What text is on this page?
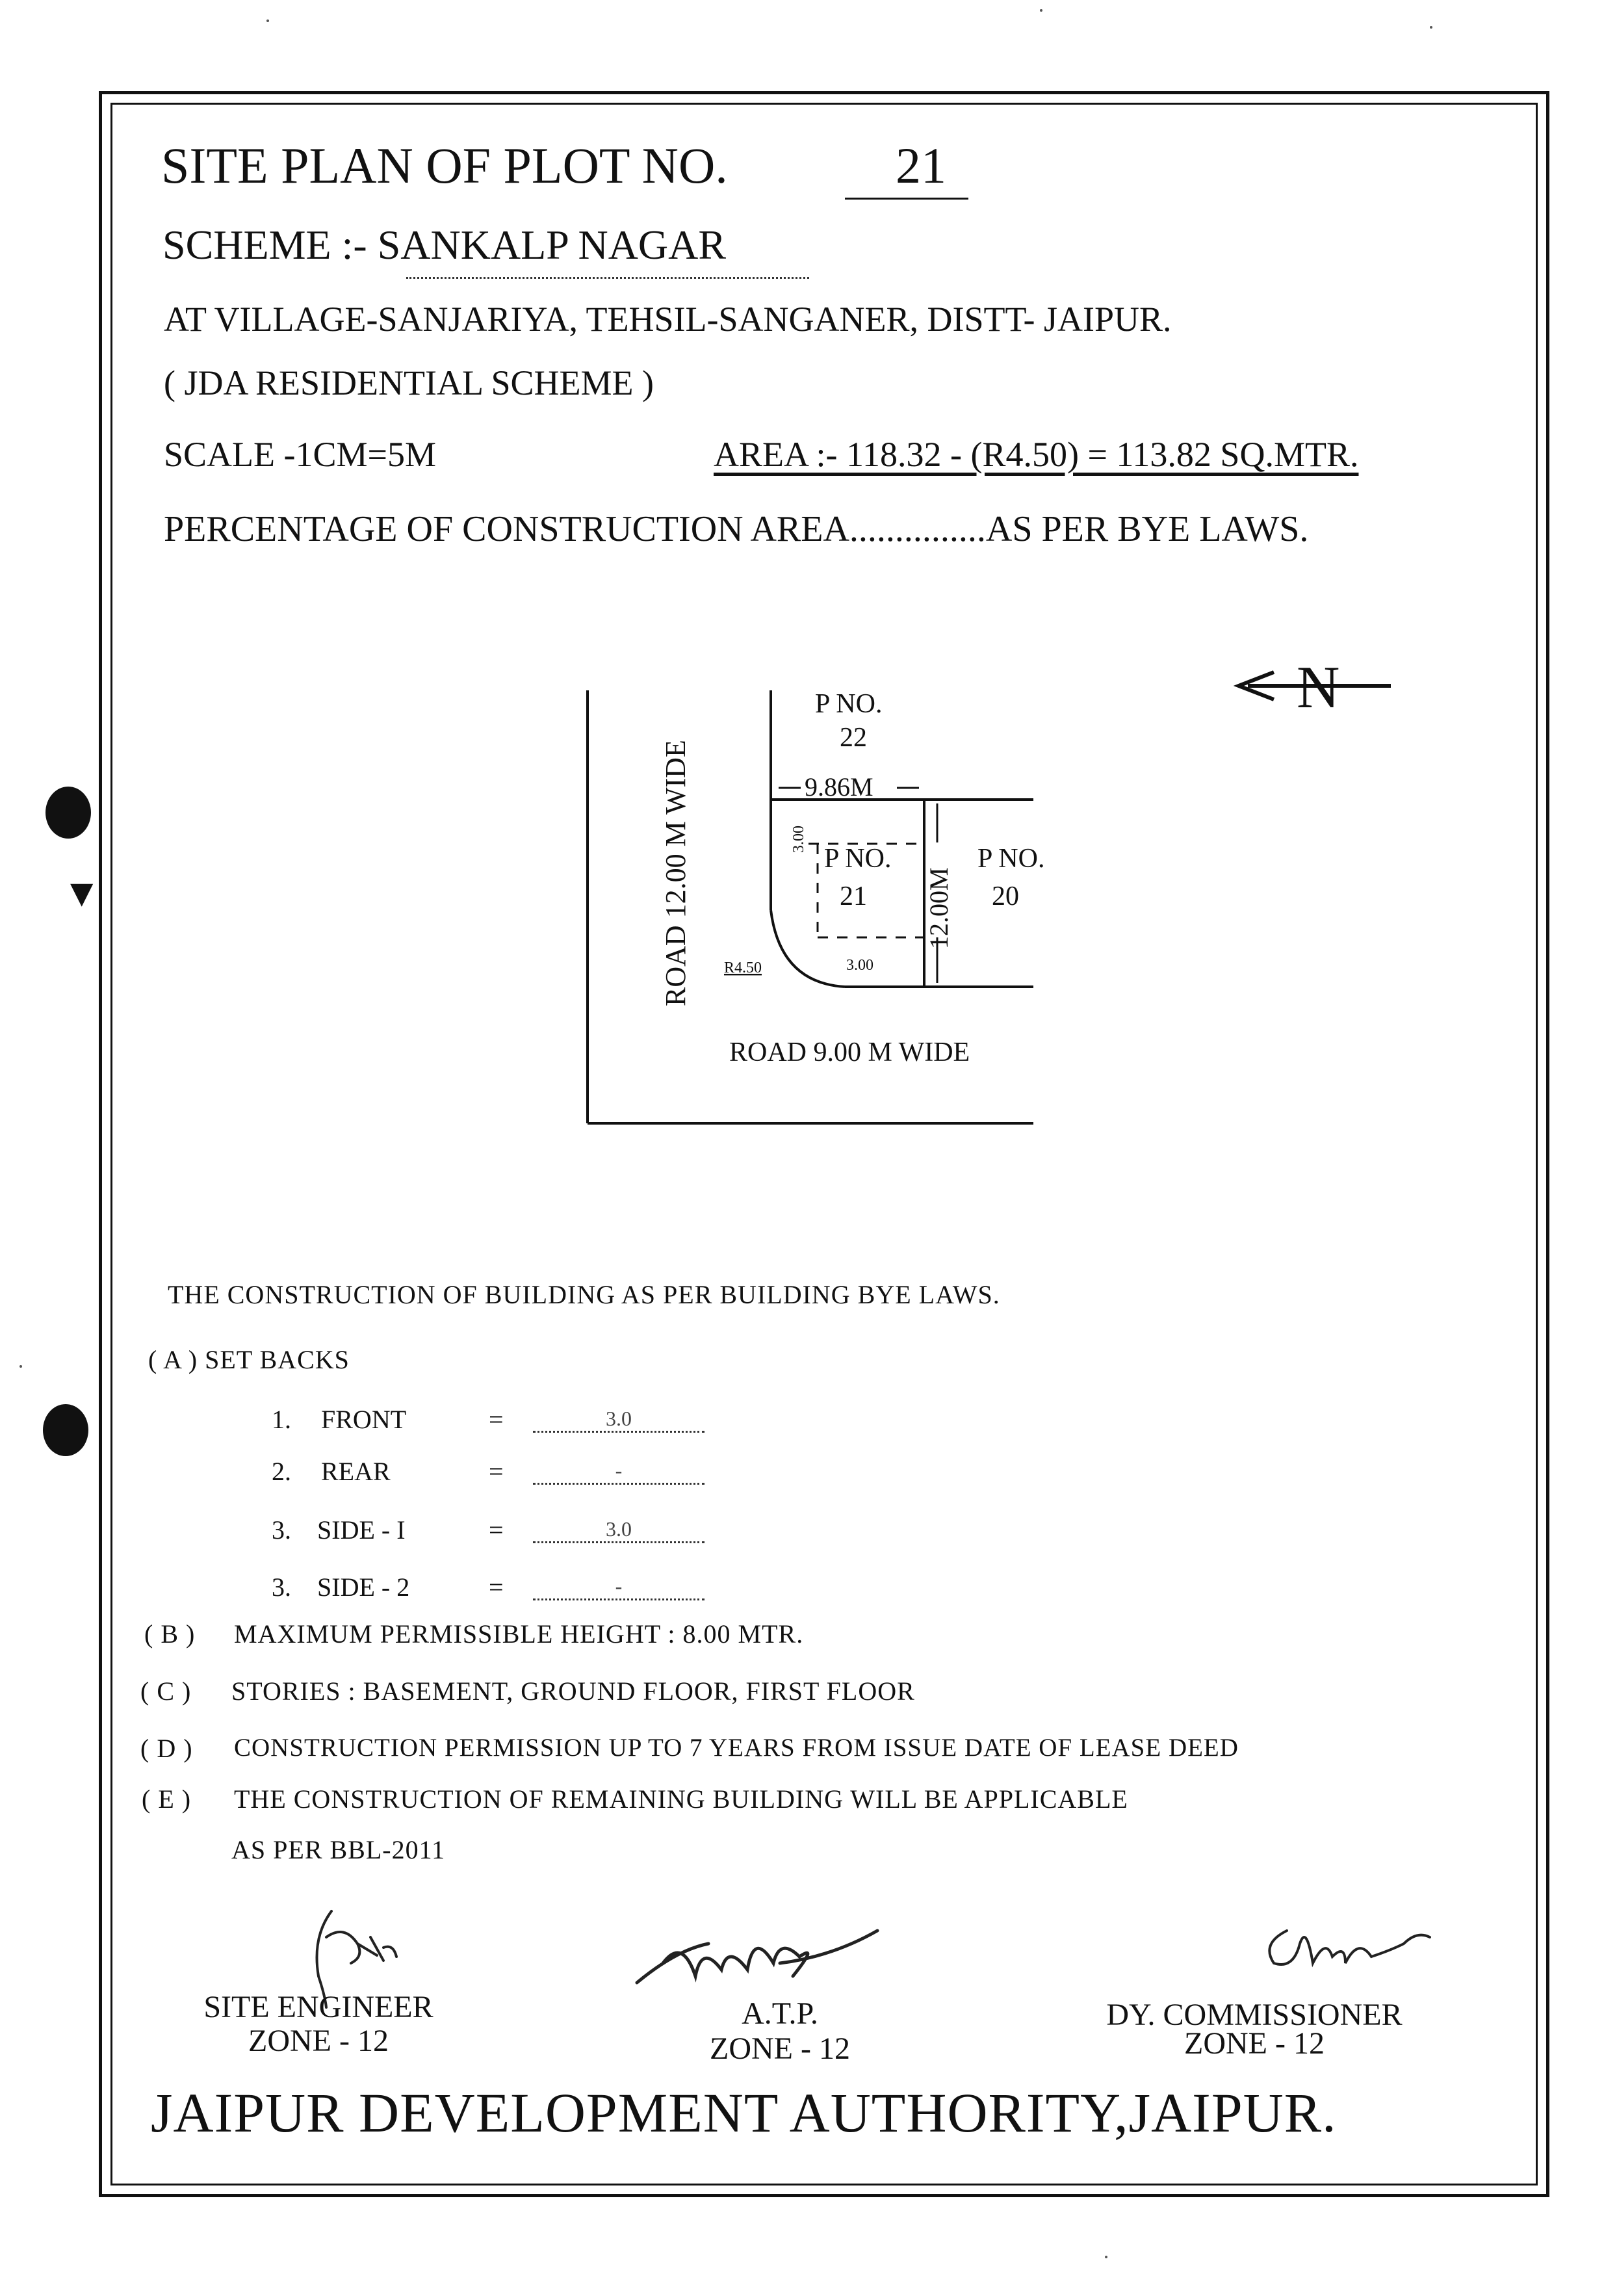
▼
SITE PLAN OF PLOT NO.	21
SCHEME :- SANKALP NAGAR
AT VILLAGE-SANJARIYA, TEHSIL-SANGANER, DISTT- JAIPUR.
( JDA RESIDENTIAL SCHEME )
SCALE -1CM=5M	AREA :- 118.32 - (R4.50) = 113.82 SQ.MTR.
PERCENTAGE OF CONSTRUCTION AREA...............AS PER BYE LAWS.
N
ROAD 12.00 M WIDE
ROAD 9.00 M WIDE
P NO.
22
9.86M
P NO.
21
P NO.
20
12.00M
3.00
3.00
R4.50
THE CONSTRUCTION OF BUILDING AS PER BUILDING BYE LAWS.
( A ) SET BACKS
1. FRONT	=	3.0
2. REAR	=	-
3. SIDE - I	=	3.0
3. SIDE - 2	=	-
( B ) MAXIMUM PERMISSIBLE HEIGHT : 8.00 MTR.
( C ) STORIES : BASEMENT, GROUND FLOOR, FIRST FLOOR
( D ) CONSTRUCTION PERMISSION UP TO 7 YEARS FROM ISSUE DATE OF LEASE DEED
( E ) THE CONSTRUCTION OF REMAINING BUILDING WILL BE APPLICABLE
AS PER BBL-2011
SITE ENGINEER
ZONE - 12
A.T.P.
ZONE - 12
DY. COMMISSIONER
ZONE - 12
JAIPUR DEVELOPMENT AUTHORITY,JAIPUR.
